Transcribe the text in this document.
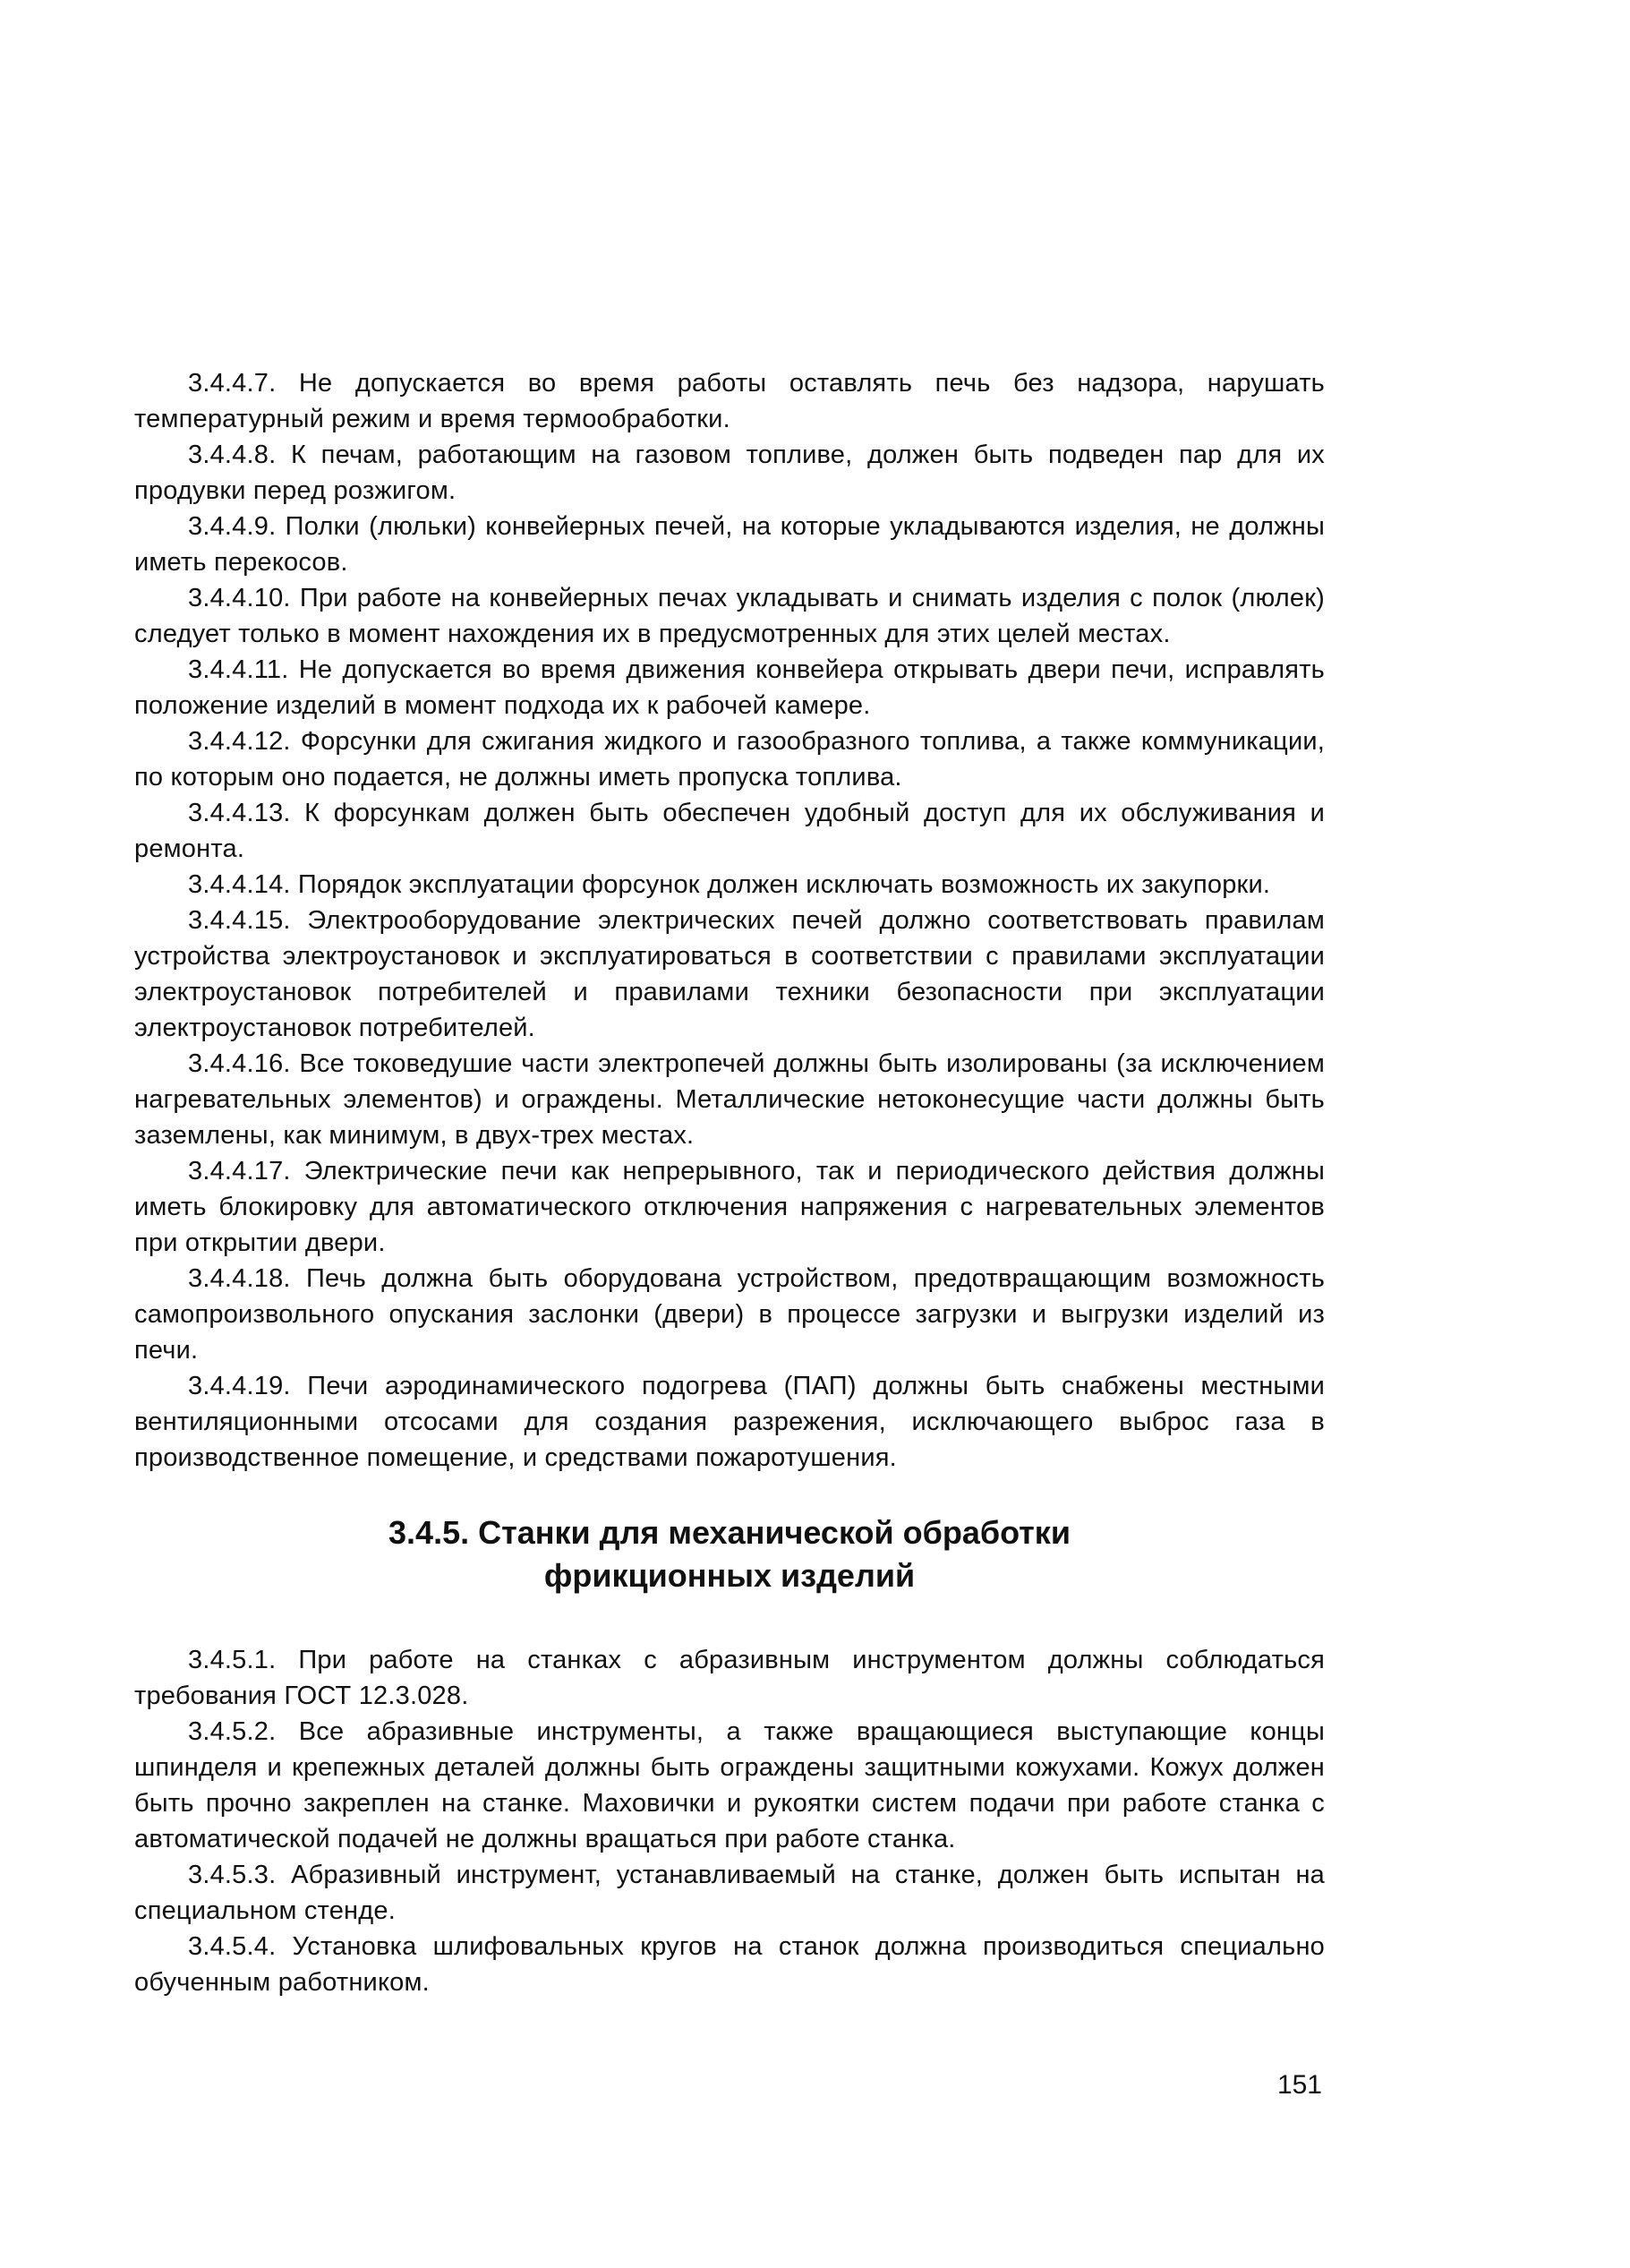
3.4.4.7. Не допускается во время работы оставлять печь без надзора, нарушать температурный режим и время термообработки.

3.4.4.8. К печам, работающим на газовом топливе, должен быть подведен пар для их продувки перед розжигом.

3.4.4.9. Полки (люльки) конвейерных печей, на которые укладываются изделия, не должны иметь перекосов.

3.4.4.10. При работе на конвейерных печах укладывать и снимать изделия с полок (люлек) следует только в момент нахождения их в предусмотренных для этих целей местах.

3.4.4.11. Не допускается во время движения конвейера открывать двери печи, исправлять положение изделий в момент подхода их к рабочей камере.

3.4.4.12. Форсунки для сжигания жидкого и газообразного топлива, а также коммуникации, по которым оно подается, не должны иметь пропуска топлива.

3.4.4.13. К форсункам должен быть обеспечен удобный доступ для их обслуживания и ремонта.

3.4.4.14. Порядок эксплуатации форсунок должен исключать возможность их закупорки.

3.4.4.15. Электрооборудование электрических печей должно соответствовать правилам устройства электроустановок и эксплуатироваться в соответствии с правилами эксплуатации электроустановок потребителей и правилами техники безопасности при эксплуатации электроустановок потребителей.

3.4.4.16. Все токоведушие части электропечей должны быть изолированы (за исключением нагревательных элементов) и ограждены. Металлические нетоконесущие части должны быть заземлены, как минимум, в двух-трех местах.

3.4.4.17. Электрические печи как непрерывного, так и периодического действия должны иметь блокировку для автоматического отключения напряжения с нагревательных элементов при открытии двери.

3.4.4.18. Печь должна быть оборудована устройством, предотвращающим возможность самопроизвольного опускания заслонки (двери) в процессе загрузки и выгрузки изделий из печи.

3.4.4.19. Печи аэродинамического подогрева (ПАП) должны быть снабжены местными вентиляционными отсосами для создания разрежения, исключающего выброс газа в производственное помещение, и средствами пожаротушения.

3.4.5. Станки для механической обработки
фрикционных изделий

3.4.5.1. При работе на станках с абразивным инструментом должны соблюдаться требования ГОСТ 12.3.028.

3.4.5.2. Все абразивные инструменты, а также вращающиеся выступающие концы шпинделя и крепежных деталей должны быть ограждены защитными кожухами. Кожух должен быть прочно закреплен на станке. Маховички и рукоятки систем подачи при работе станка с автоматической подачей не должны вращаться при работе станка.

3.4.5.3. Абразивный инструмент, устанавливаемый на станке, должен быть испытан на специальном стенде.

3.4.5.4. Установка шлифовальных кругов на станок должна производиться специально обученным работником.

151
